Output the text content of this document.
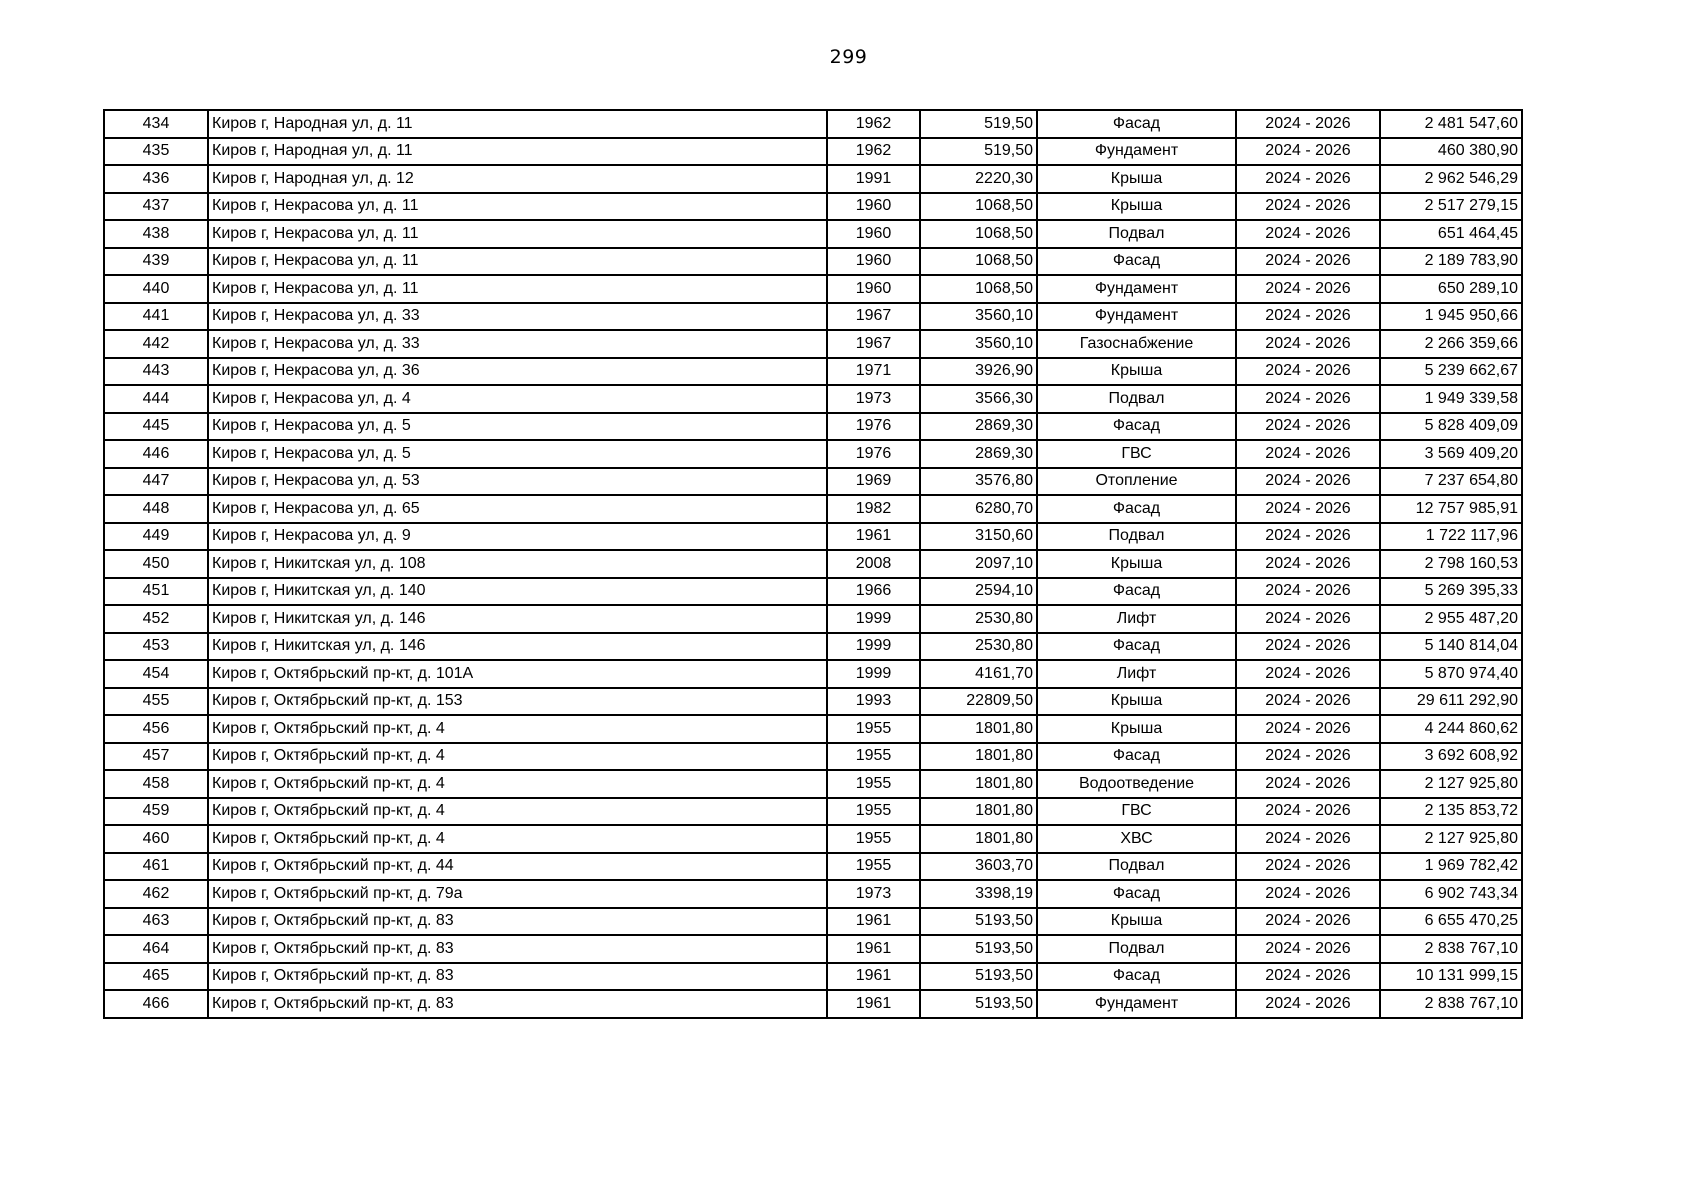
299
434	Киров г, Народная ул, д. 11	1962	519,50	Фасад	2024 - 2026	2 481 547,60
435	Киров г, Народная ул, д. 11	1962	519,50	Фундамент	2024 - 2026	460 380,90
436	Киров г, Народная ул, д. 12	1991	2220,30	Крыша	2024 - 2026	2 962 546,29
437	Киров г, Некрасова ул, д. 11	1960	1068,50	Крыша	2024 - 2026	2 517 279,15
438	Киров г, Некрасова ул, д. 11	1960	1068,50	Подвал	2024 - 2026	651 464,45
439	Киров г, Некрасова ул, д. 11	1960	1068,50	Фасад	2024 - 2026	2 189 783,90
440	Киров г, Некрасова ул, д. 11	1960	1068,50	Фундамент	2024 - 2026	650 289,10
441	Киров г, Некрасова ул, д. 33	1967	3560,10	Фундамент	2024 - 2026	1 945 950,66
442	Киров г, Некрасова ул, д. 33	1967	3560,10	Газоснабжение	2024 - 2026	2 266 359,66
443	Киров г, Некрасова ул, д. 36	1971	3926,90	Крыша	2024 - 2026	5 239 662,67
444	Киров г, Некрасова ул, д. 4	1973	3566,30	Подвал	2024 - 2026	1 949 339,58
445	Киров г, Некрасова ул, д. 5	1976	2869,30	Фасад	2024 - 2026	5 828 409,09
446	Киров г, Некрасова ул, д. 5	1976	2869,30	ГВС	2024 - 2026	3 569 409,20
447	Киров г, Некрасова ул, д. 53	1969	3576,80	Отопление	2024 - 2026	7 237 654,80
448	Киров г, Некрасова ул, д. 65	1982	6280,70	Фасад	2024 - 2026	12 757 985,91
449	Киров г, Некрасова ул, д. 9	1961	3150,60	Подвал	2024 - 2026	1 722 117,96
450	Киров г, Никитская ул, д. 108	2008	2097,10	Крыша	2024 - 2026	2 798 160,53
451	Киров г, Никитская ул, д. 140	1966	2594,10	Фасад	2024 - 2026	5 269 395,33
452	Киров г, Никитская ул, д. 146	1999	2530,80	Лифт	2024 - 2026	2 955 487,20
453	Киров г, Никитская ул, д. 146	1999	2530,80	Фасад	2024 - 2026	5 140 814,04
454	Киров г, Октябрьский пр-кт, д. 101А	1999	4161,70	Лифт	2024 - 2026	5 870 974,40
455	Киров г, Октябрьский пр-кт, д. 153	1993	22809,50	Крыша	2024 - 2026	29 611 292,90
456	Киров г, Октябрьский пр-кт, д. 4	1955	1801,80	Крыша	2024 - 2026	4 244 860,62
457	Киров г, Октябрьский пр-кт, д. 4	1955	1801,80	Фасад	2024 - 2026	3 692 608,92
458	Киров г, Октябрьский пр-кт, д. 4	1955	1801,80	Водоотведение	2024 - 2026	2 127 925,80
459	Киров г, Октябрьский пр-кт, д. 4	1955	1801,80	ГВС	2024 - 2026	2 135 853,72
460	Киров г, Октябрьский пр-кт, д. 4	1955	1801,80	ХВС	2024 - 2026	2 127 925,80
461	Киров г, Октябрьский пр-кт, д. 44	1955	3603,70	Подвал	2024 - 2026	1 969 782,42
462	Киров г, Октябрьский пр-кт, д. 79а	1973	3398,19	Фасад	2024 - 2026	6 902 743,34
463	Киров г, Октябрьский пр-кт, д. 83	1961	5193,50	Крыша	2024 - 2026	6 655 470,25
464	Киров г, Октябрьский пр-кт, д. 83	1961	5193,50	Подвал	2024 - 2026	2 838 767,10
465	Киров г, Октябрьский пр-кт, д. 83	1961	5193,50	Фасад	2024 - 2026	10 131 999,15
466	Киров г, Октябрьский пр-кт, д. 83	1961	5193,50	Фундамент	2024 - 2026	2 838 767,10
